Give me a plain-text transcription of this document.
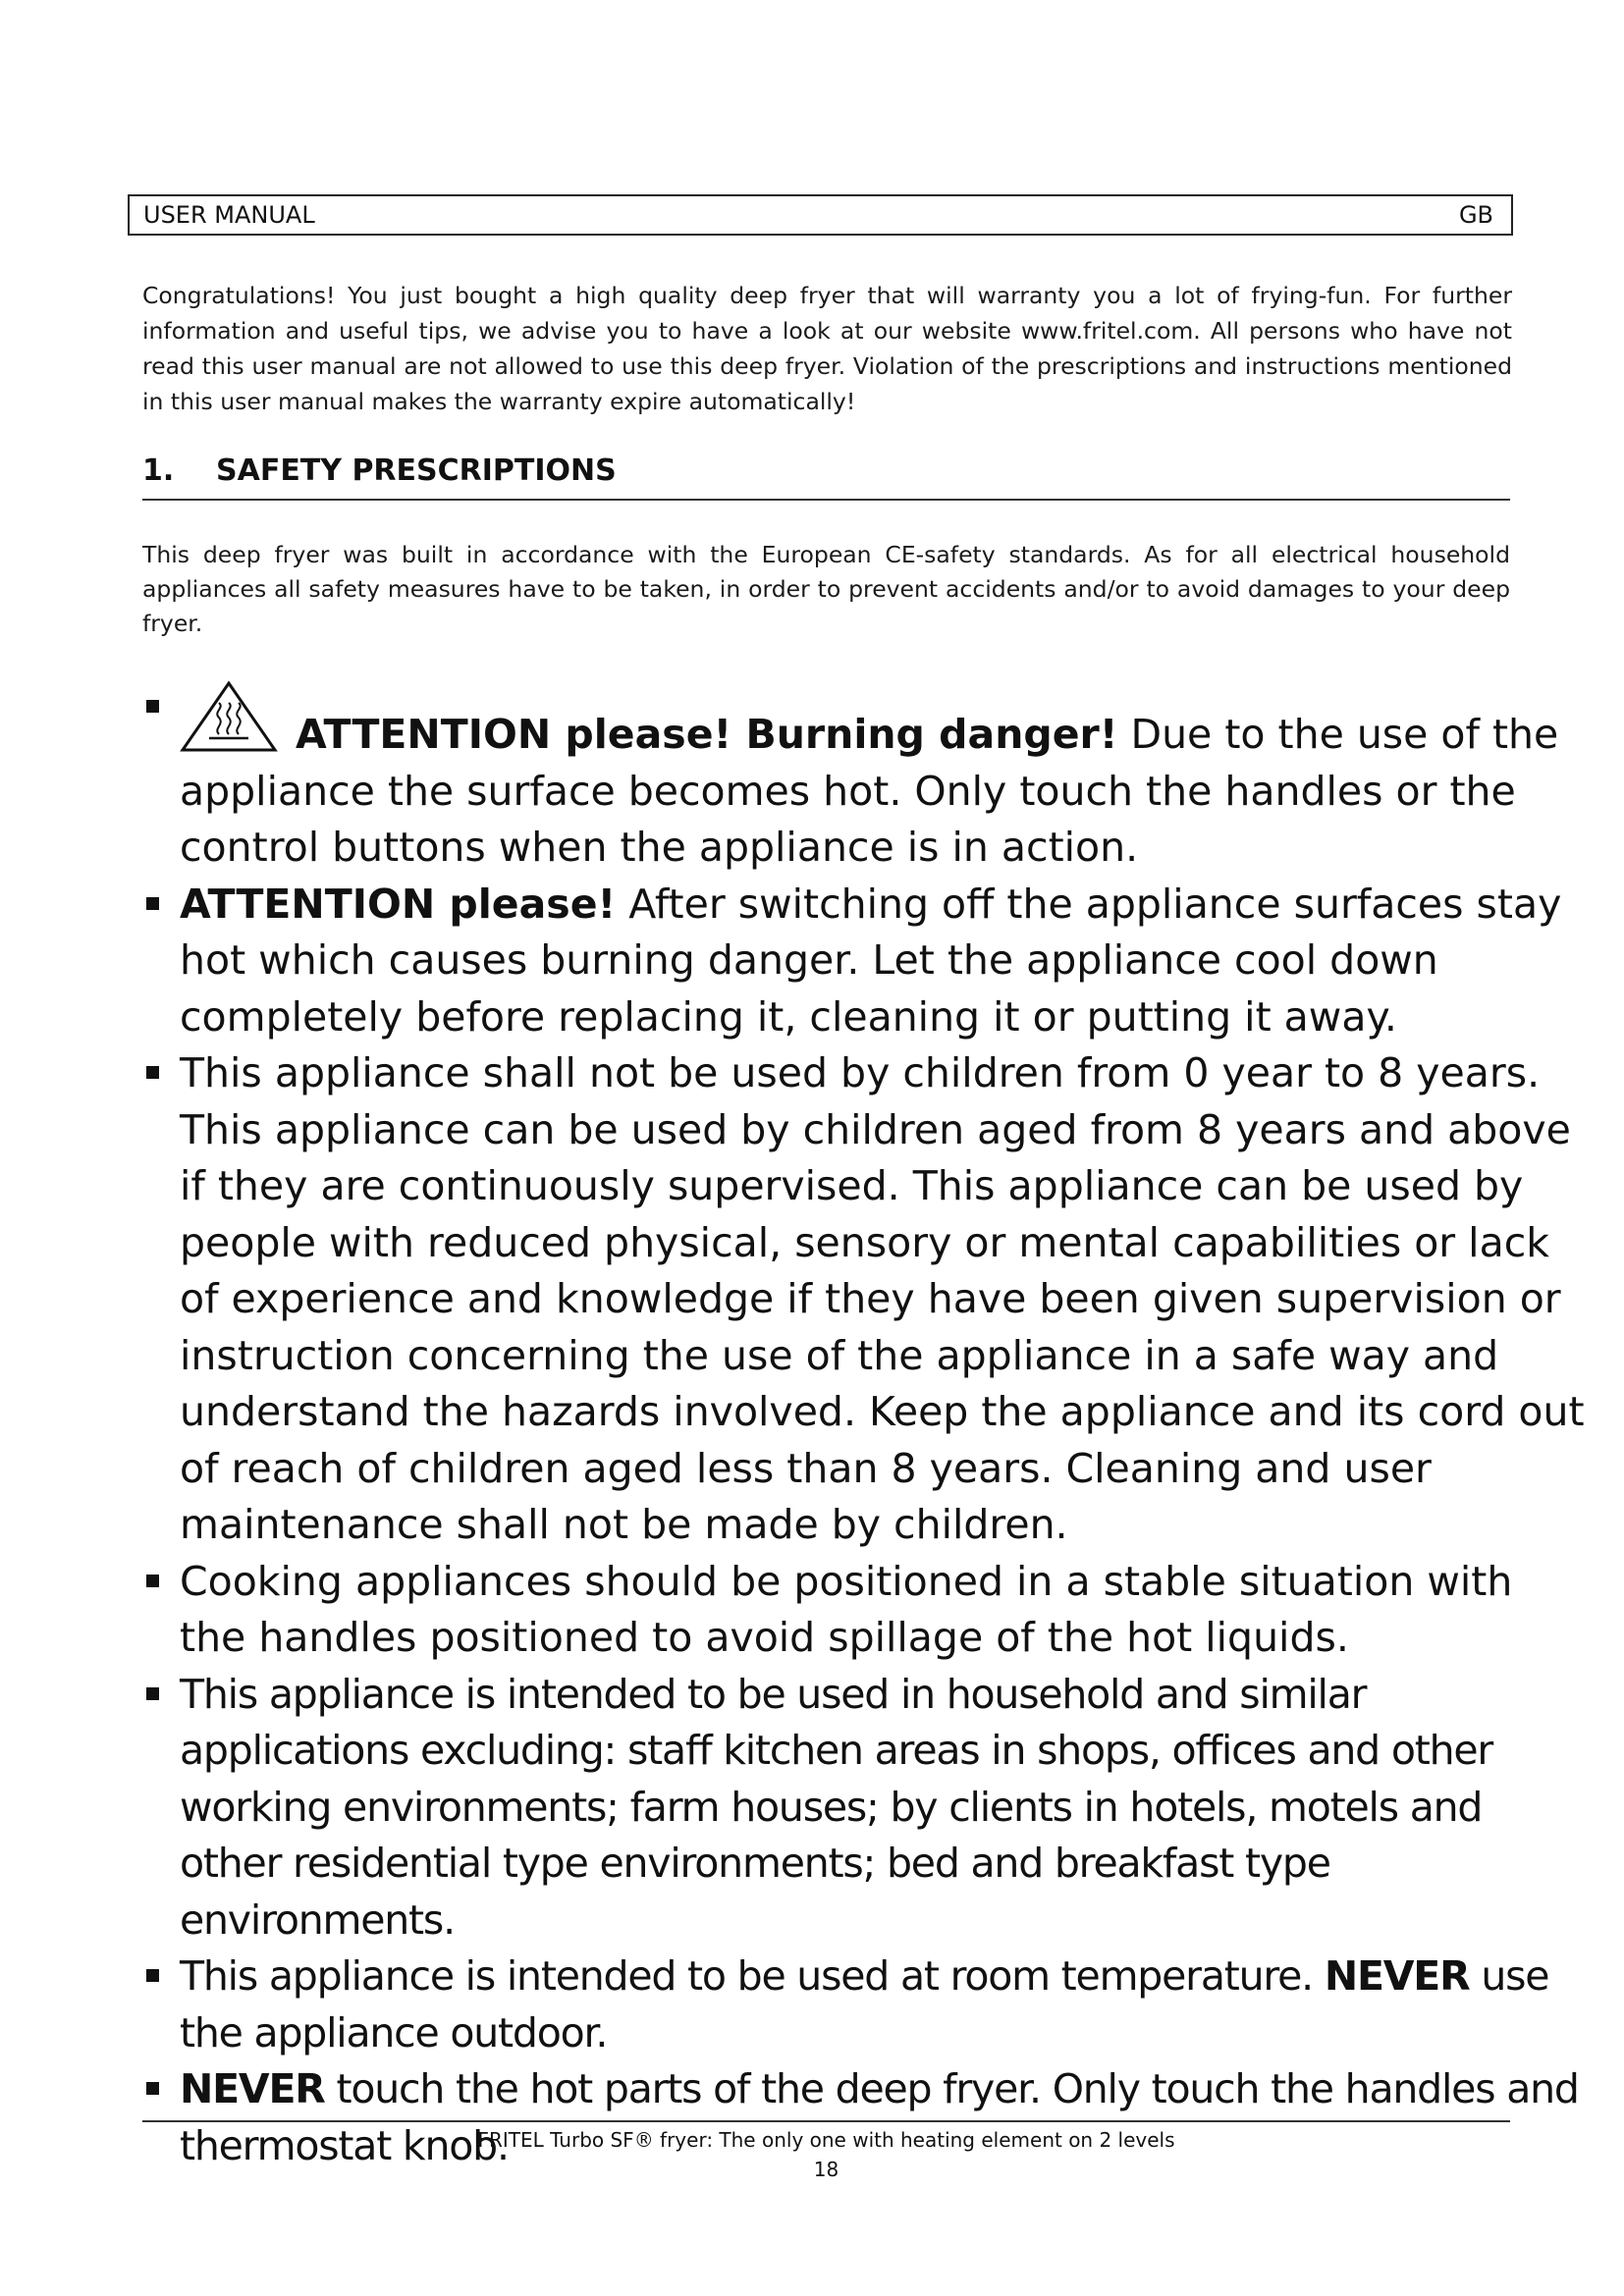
USER MANUAL	GB

Congratulations! You just bought a high quality deep fryer that will warranty you a lot of frying-fun. For further information and useful tips, we advise you to have a look at our website www.fritel.com. All persons who have not read this user manual are not allowed to use this deep fryer. Violation of the prescriptions and instructions mentioned in this user manual makes the warranty expire automatically!

1. SAFETY PRESCRIPTIONS

This deep fryer was built in accordance with the European CE-safety standards. As for all electrical household appliances all safety measures have to be taken, in order to prevent accidents and/or to avoid damages to your deep fryer.

ATTENTION please! Burning danger! Due to the use of the appliance the surface becomes hot. Only touch the handles or the control buttons when the appliance is in action.
ATTENTION please! After switching off the appliance surfaces stay hot which causes burning danger. Let the appliance cool down completely before replacing it, cleaning it or putting it away.
This appliance shall not be used by children from 0 year to 8 years. This appliance can be used by children aged from 8 years and above if they are continuously supervised. This appliance can be used by people with reduced physical, sensory or mental capabilities or lack of experience and knowledge if they have been given supervision or instruction concerning the use of the appliance in a safe way and understand the hazards involved. Keep the appliance and its cord out of reach of children aged less than 8 years. Cleaning and user maintenance shall not be made by children.
Cooking appliances should be positioned in a stable situation with the handles positioned to avoid spillage of the hot liquids.
This appliance is intended to be used in household and similar applications excluding: staff kitchen areas in shops, offices and other working environments; farm houses; by clients in hotels, motels and other residential type environments; bed and breakfast type environments.
This appliance is intended to be used at room temperature. NEVER use the appliance outdoor.
NEVER touch the hot parts of the deep fryer. Only touch the handles and thermostat knob.
FRITEL Turbo SF® fryer: The only one with heating element on 2 levels
18
